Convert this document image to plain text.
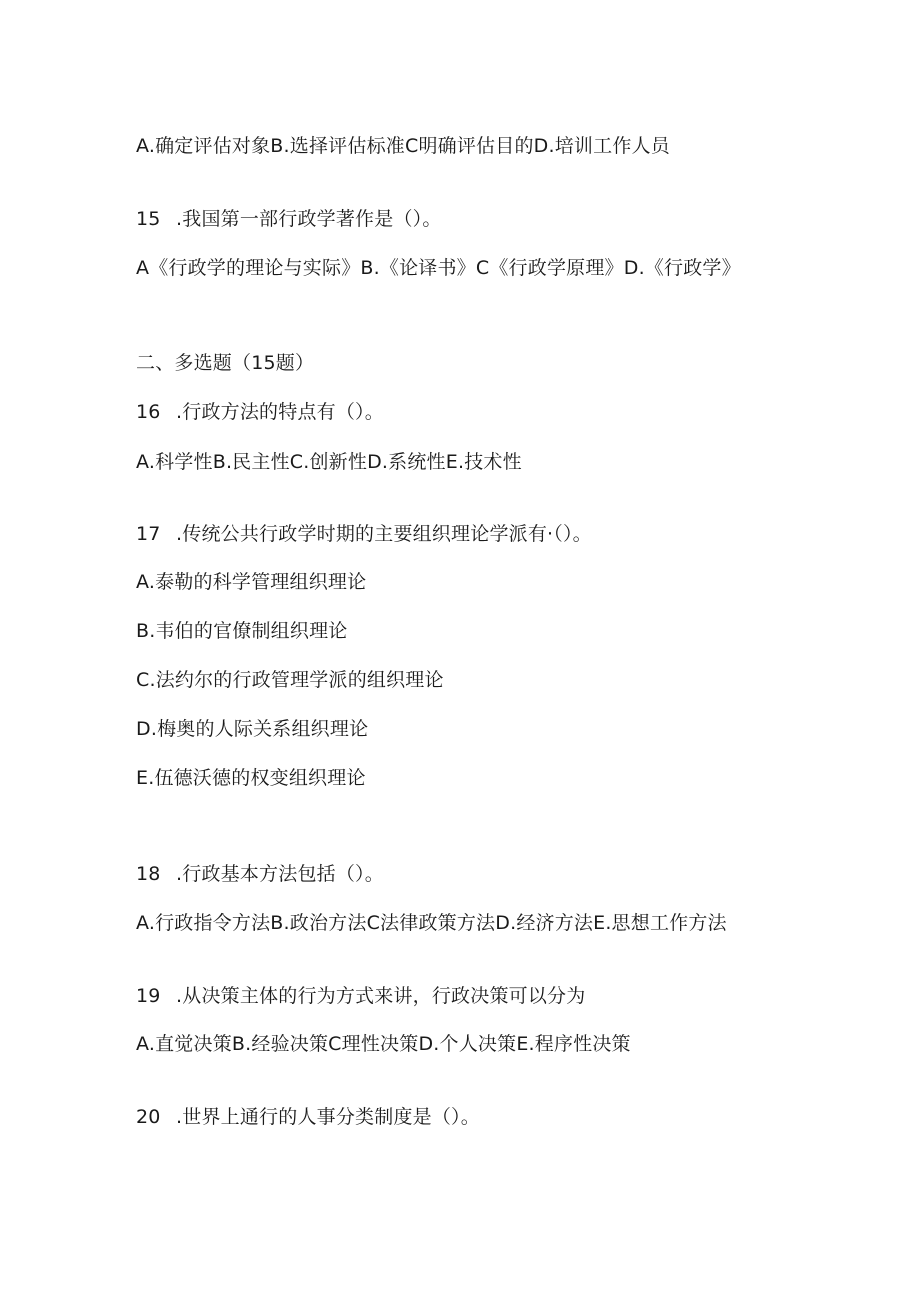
A.确定评估对象B.选择评估标准C明确评估目的D.培训工作人员
15 .我国第一部行政学著作是（）。
A《行政学的理论与实际》B.《论译书》C《行政学原理》D.《行政学》
二、多选题（15题）
16 .行政方法的特点有（）。
A.科学性B.民主性C.创新性D.系统性E.技术性
17 .传统公共行政学时期的主要组织理论学派有·（）。
A.泰勒的科学管理组织理论
B.韦伯的官僚制组织理论
C.法约尔的行政管理学派的组织理论
D.梅奥的人际关系组织理论
E.伍德沃德的权变组织理论
18 .行政基本方法包括（）。
A.行政指令方法B.政治方法C法律政策方法D.经济方法E.思想工作方法
19 .从决策主体的行为方式来讲，行政决策可以分为
A.直觉决策B.经验决策C理性决策D.个人决策E.程序性决策
20 .世界上通行的人事分类制度是（）。
